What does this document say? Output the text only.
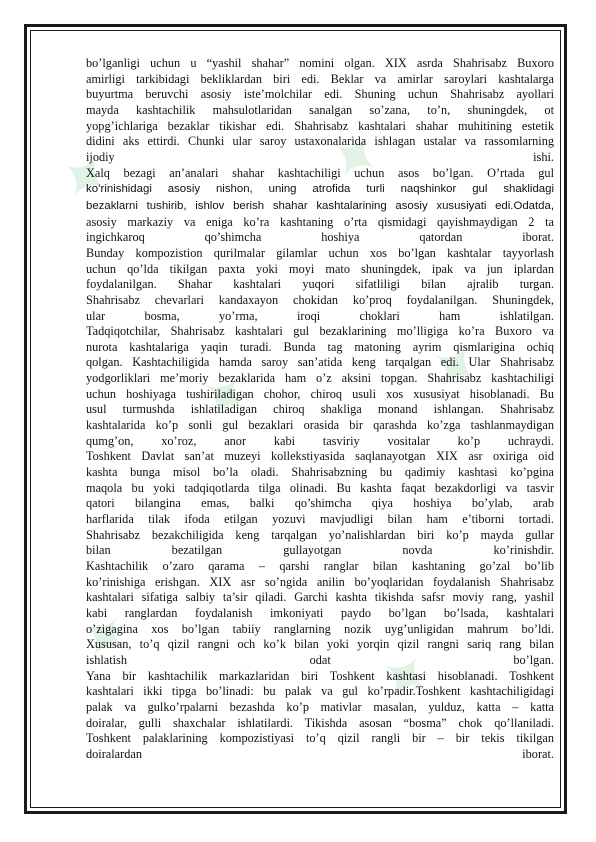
✦	✦
✦ ✦
✦	✦

bo’lganligi uchun u “yashil shahar” nomini olgan. XIX asrda Shahrisabz Buxoro

amirligi tarkibidagi bekliklardan biri edi. Beklar va amirlar saroylari kashtalarga

buyurtma beruvchi asosiy iste’molchilar edi. Shuning uchun Shahrisabz ayollari

mayda kashtachilik mahsulotlaridan sanalgan so’zana, to’n, shuningdek, ot

yopg’ichlariga bezaklar tikishar edi. Shahrisabz kashtalari shahar muhitining estetik

didini aks ettirdi. Chunki ular saroy ustaxonalarida ishlagan ustalar va rassomlarning

ijodiy ishi.

Xalq bezagi an’analari shahar kashtachiligi uchun asos bo’lgan. O’rtada gul

ko’rinishidagi asosiy nishon, uning atrofida turli naqshinkor gul shaklidagi

bezaklarni tushirib, ishlov berish shahar kashtalarining asosiy xususiyati edi.Odatda,

asosiy markaziy va eniga ko’ra kashtaning o’rta qismidagi qayishmaydigan 2 ta

ingichkaroq qo’shimcha hoshiya qatordan iborat.

Bunday kompozistion qurilmalar gilamlar uchun xos bo’lgan kashtalar tayyorlash

uchun qo’lda tikilgan paxta yoki moyi mato shuningdek, ipak va jun iplardan

foydalanilgan. Shahar kashtalari yuqori sifatliligi bilan ajralib turgan.

Shahrisabz chevarlari kandaxayon chokidan ko’proq foydalanilgan. Shuningdek,

ular bosma, yo’rma, iroqi choklari ham ishlatilgan.

Tadqiqotchilar, Shahrisabz kashtalari gul bezaklarining mo’lligiga ko’ra Buxoro va

nurota kashtalariga yaqin turadi. Bunda tag matoning ayrim qismlarigina ochiq

qolgan. Kashtachiligida hamda saroy san’atida keng tarqalgan edi. Ular Shahrisabz

yodgorliklari me’moriy bezaklarida ham o’z aksini topgan. Shahrisabz kashtachiligi

uchun hoshiyaga tushiriladigan chohor, chiroq usuli xos xususiyat hisoblanadi. Bu

usul turmushda ishlatiladigan chiroq shakliga monand ishlangan. Shahrisabz

kashtalarida ko’p sonli gul bezaklari orasida bir qarashda ko’zga tashlanmaydigan

qumg’on, xo’roz, anor kabi tasviriy vositalar ko’p uchraydi.

Toshkent Davlat san’at muzeyi kollekstiyasida saqlanayotgan XIX asr oxiriga oid

kashta bunga misol bo’la oladi. Shahrisabzning bu qadimiy kashtasi ko’pgina

maqola bu yoki tadqiqotlarda tilga olinadi. Bu kashta faqat bezakdorligi va tasvir

qatori bilangina emas, balki qo’shimcha qiya hoshiya bo’ylab, arab

harflarida tilak ifoda etilgan yozuvi mavjudligi bilan ham e’tiborni tortadi.

Shahrisabz bezakchiligida keng tarqalgan yo’nalishlardan biri ko’p mayda gullar

bilan bezatilgan gullayotgan novda ko’rinishdir.

Kashtachilik o’zaro qarama – qarshi ranglar bilan kashtaning go’zal bo’lib

ko’rinishiga erishgan. XIX asr so’ngida anilin bo’yoqlaridan foydalanish Shahrisabz

kashtalari sifatiga salbiy ta’sir qiladi. Garchi kashta tikishda safsr moviy rang, yashil

kabi ranglardan foydalanish imkoniyati paydo bo’lgan bo’lsada, kashtalari

o’zigagina xos bo’lgan tabiiy ranglarning nozik uyg’unligidan mahrum bo’ldi.

Xususan, to’q qizil rangni och ko’k bilan yoki yorqin qizil rangni sariq rang bilan

ishlatish odat bo’lgan.

Yana bir kashtachilik markazlaridan biri Toshkent kashtasi hisoblanadi. Toshkent

kashtalari ikki tipga bo’linadi: bu palak va gul ko’rpadir.Toshkent kashtachiligidagi

palak va gulko’rpalarni bezashda ko’p mativlar masalan, yulduz, katta – katta

doiralar, gulli shaxchalar ishlatilardi. Tikishda asosan “bosma” chok qo’llaniladi.

Toshkent palaklarining kompozistiyasi to’q qizil rangli bir – bir tekis tikilgan

doiralardan iborat.
